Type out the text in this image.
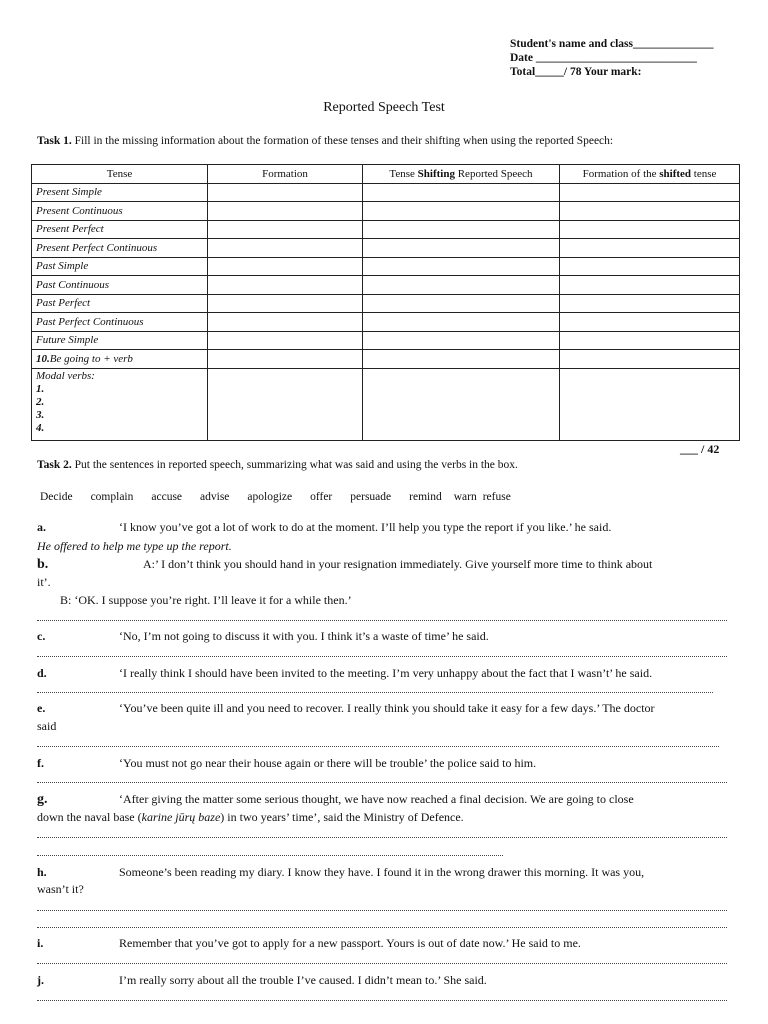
Student's name and class______________
Date ____________________________
Total_____/ 78 Your mark:
Reported Speech Test
Task 1. Fill in the missing information about the formation of these tenses and their shifting when using the reported Speech:
Tense	Formation	Tense Shifting Reported Speech	Formation of the shifted tense
Present Simple			
Present Continuous			
Present Perfect			
Present Perfect Continuous			
Past Simple			
Past Continuous			
Past Perfect			
Past Perfect Continuous			
Future Simple			
10.Be going to + verb			

Modal verbs:
1.
2.
3.
4.			

___ / 42
Task 2. Put the sentences in reported speech, summarizing what was said and using the verbs in the box.
Decide complain accuse advise apologize offer persuade remind warn refuse
a.	‘I know you’ve got a lot of work to do at the moment. I’ll help you type the report if you like.’ he said.
He offered to help me type up the report.
b.	A:’ I don’t think you should hand in your resignation immediately. Give yourself more time to think about
it’.
B: ‘OK. I suppose you’re right. I’ll leave it for a while then.’
c.	‘No, I’m not going to discuss it with you. I think it’s a waste of time’ he said.
d.	‘I really think I should have been invited to the meeting. I’m very unhappy about the fact that I wasn’t’ he said.
e.	‘You’ve been quite ill and you need to recover. I really think you should take it easy for a few days.’ The doctor
said
f.	‘You must not go near their house again or there will be trouble’ the police said to him.
g.	‘After giving the matter some serious thought, we have now reached a final decision. We are going to close
down the naval base (karine jūrų baze) in two years’ time’, said the Ministry of Defence.
h.	Someone’s been reading my diary. I know they have. I found it in the wrong drawer this morning. It was you,
wasn’t it?
i.	Remember that you’ve got to apply for a new passport. Yours is out of date now.’ He said to me.
j.	I’m really sorry about all the trouble I’ve caused. I didn’t mean to.’ She said.
